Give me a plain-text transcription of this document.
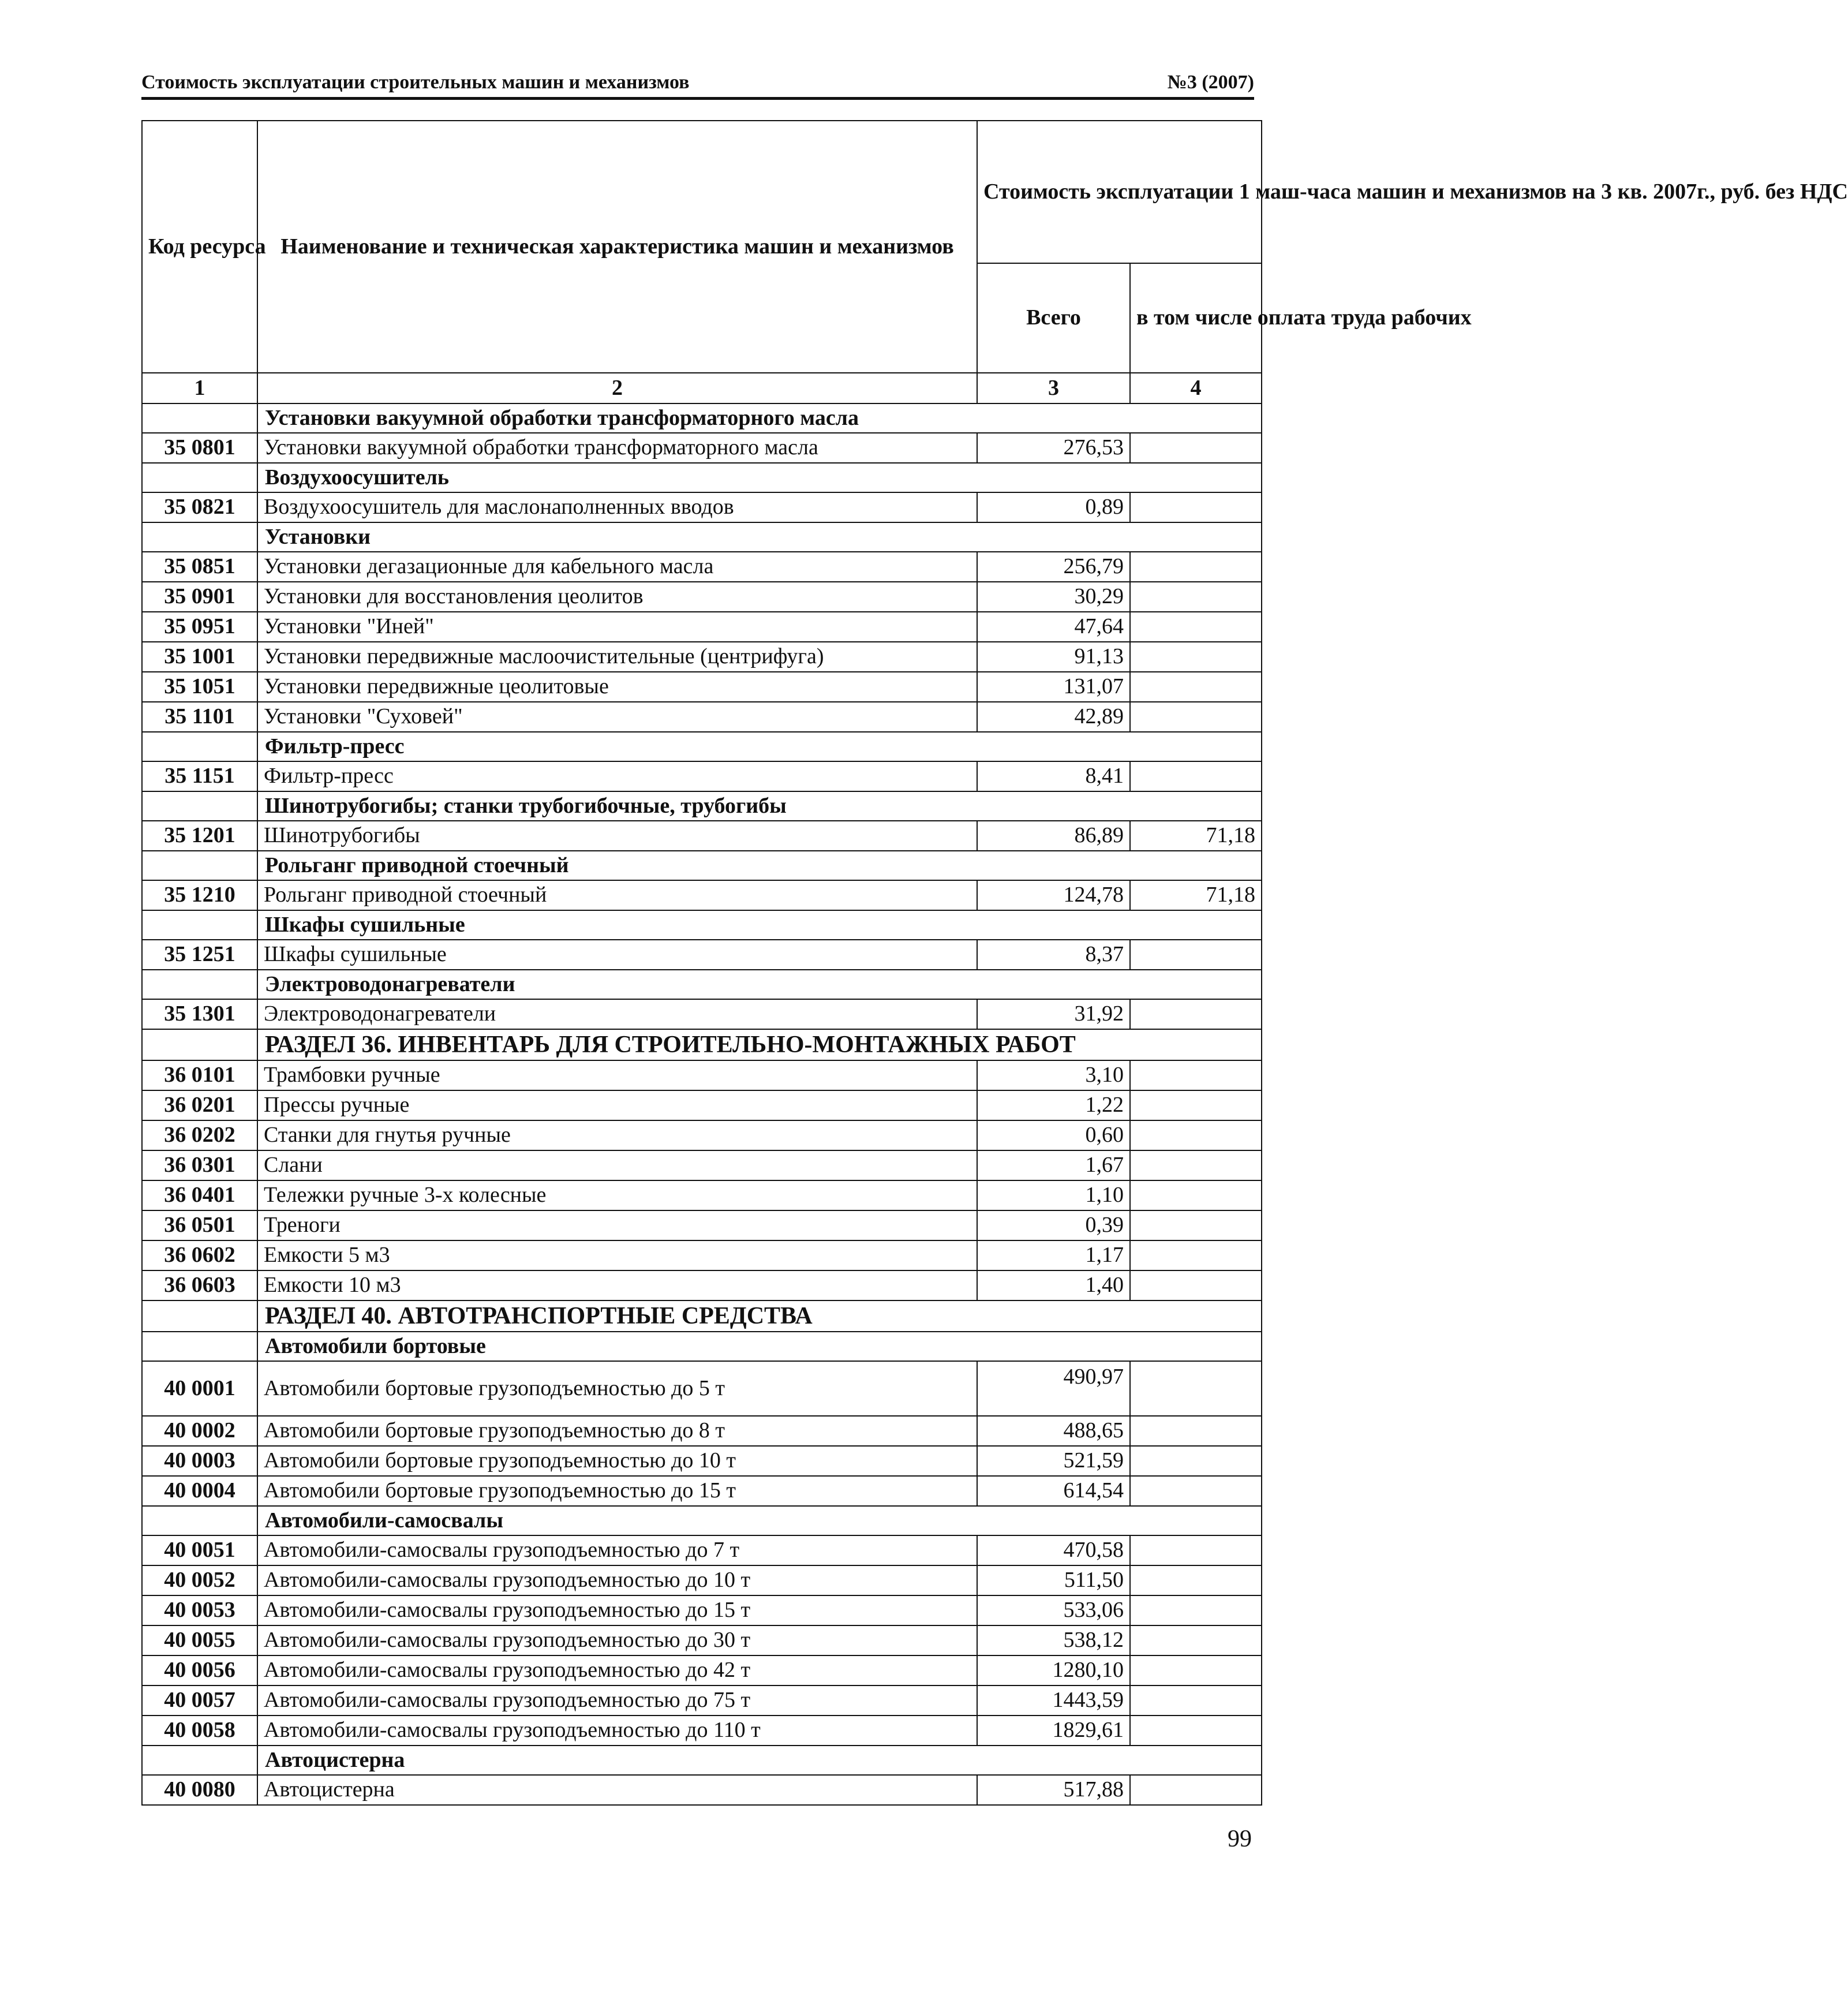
Стоимость эксплуатации строительных машин и механизмов	№3 (2007)
Код ресурса	Наименование и техническая характеристика машин и механизмов	Стоимость эксплуатации 1 маш-часа машин и механизмов на 3 кв. 2007г., руб. без НДС	
		Всего	в том числе оплата труда рабочих
1	2	3	4
	Установки вакуумной обработки трансформаторного масла		
35 0801	Установки вакуумной обработки трансформаторного масла	276,53	
	Воздухоосушитель		
35 0821	Воздухоосушитель для маслонаполненных вводов	0,89	
	Установки		
35 0851	Установки дегазационные для кабельного масла	256,79	
35 0901	Установки для восстановления цеолитов	30,29	
35 0951	Установки "Иней"	47,64	
35 1001	Установки передвижные маслоочистительные (центрифуга)	91,13	
35 1051	Установки передвижные цеолитовые	131,07	
35 1101	Установки "Суховей"	42,89	
	Фильтр-пресс		
35 1151	Фильтр-пресс	8,41	
	Шинотрубогибы; станки трубогибочные, трубогибы		
35 1201	Шинотрубогибы	86,89	71,18
	Рольганг приводной стоечный		
35 1210	Рольганг приводной стоечный	124,78	71,18
	Шкафы сушильные		
35 1251	Шкафы сушильные	8,37	
	Электроводонагреватели		
35 1301	Электроводонагреватели	31,92	
	РАЗДЕЛ 36. ИНВЕНТАРЬ ДЛЯ СТРОИТЕЛЬНО-МОНТАЖНЫХ РАБОТ		
36 0101	Трамбовки ручные	3,10	
36 0201	Прессы ручные	1,22	
36 0202	Станки для гнутья ручные	0,60	
36 0301	Слани	1,67	
36 0401	Тележки ручные 3-х колесные	1,10	
36 0501	Треноги	0,39	
36 0602	Емкости 5 м3	1,17	
36 0603	Емкости 10 м3	1,40	
	РАЗДЕЛ 40. АВТОТРАНСПОРТНЫЕ СРЕДСТВА		
	Автомобили бортовые		
40 0001	Автомобили бортовые грузоподъемностью до 5 т	490,97	
40 0002	Автомобили бортовые грузоподъемностью до 8 т	488,65	
40 0003	Автомобили бортовые грузоподъемностью до 10 т	521,59	
40 0004	Автомобили бортовые грузоподъемностью до 15 т	614,54	
	Автомобили-самосвалы		
40 0051	Автомобили-самосвалы грузоподъемностью до 7 т	470,58	
40 0052	Автомобили-самосвалы грузоподъемностью до 10 т	511,50	
40 0053	Автомобили-самосвалы грузоподъемностью до 15 т	533,06	
40 0055	Автомобили-самосвалы грузоподъемностью до 30 т	538,12	
40 0056	Автомобили-самосвалы грузоподъемностью до 42 т	1280,10	
40 0057	Автомобили-самосвалы грузоподъемностью до 75 т	1443,59	
40 0058	Автомобили-самосвалы грузоподъемностью до 110 т	1829,61	
	Автоцистерна		
40 0080	Автоцистерна	517,88	
99
